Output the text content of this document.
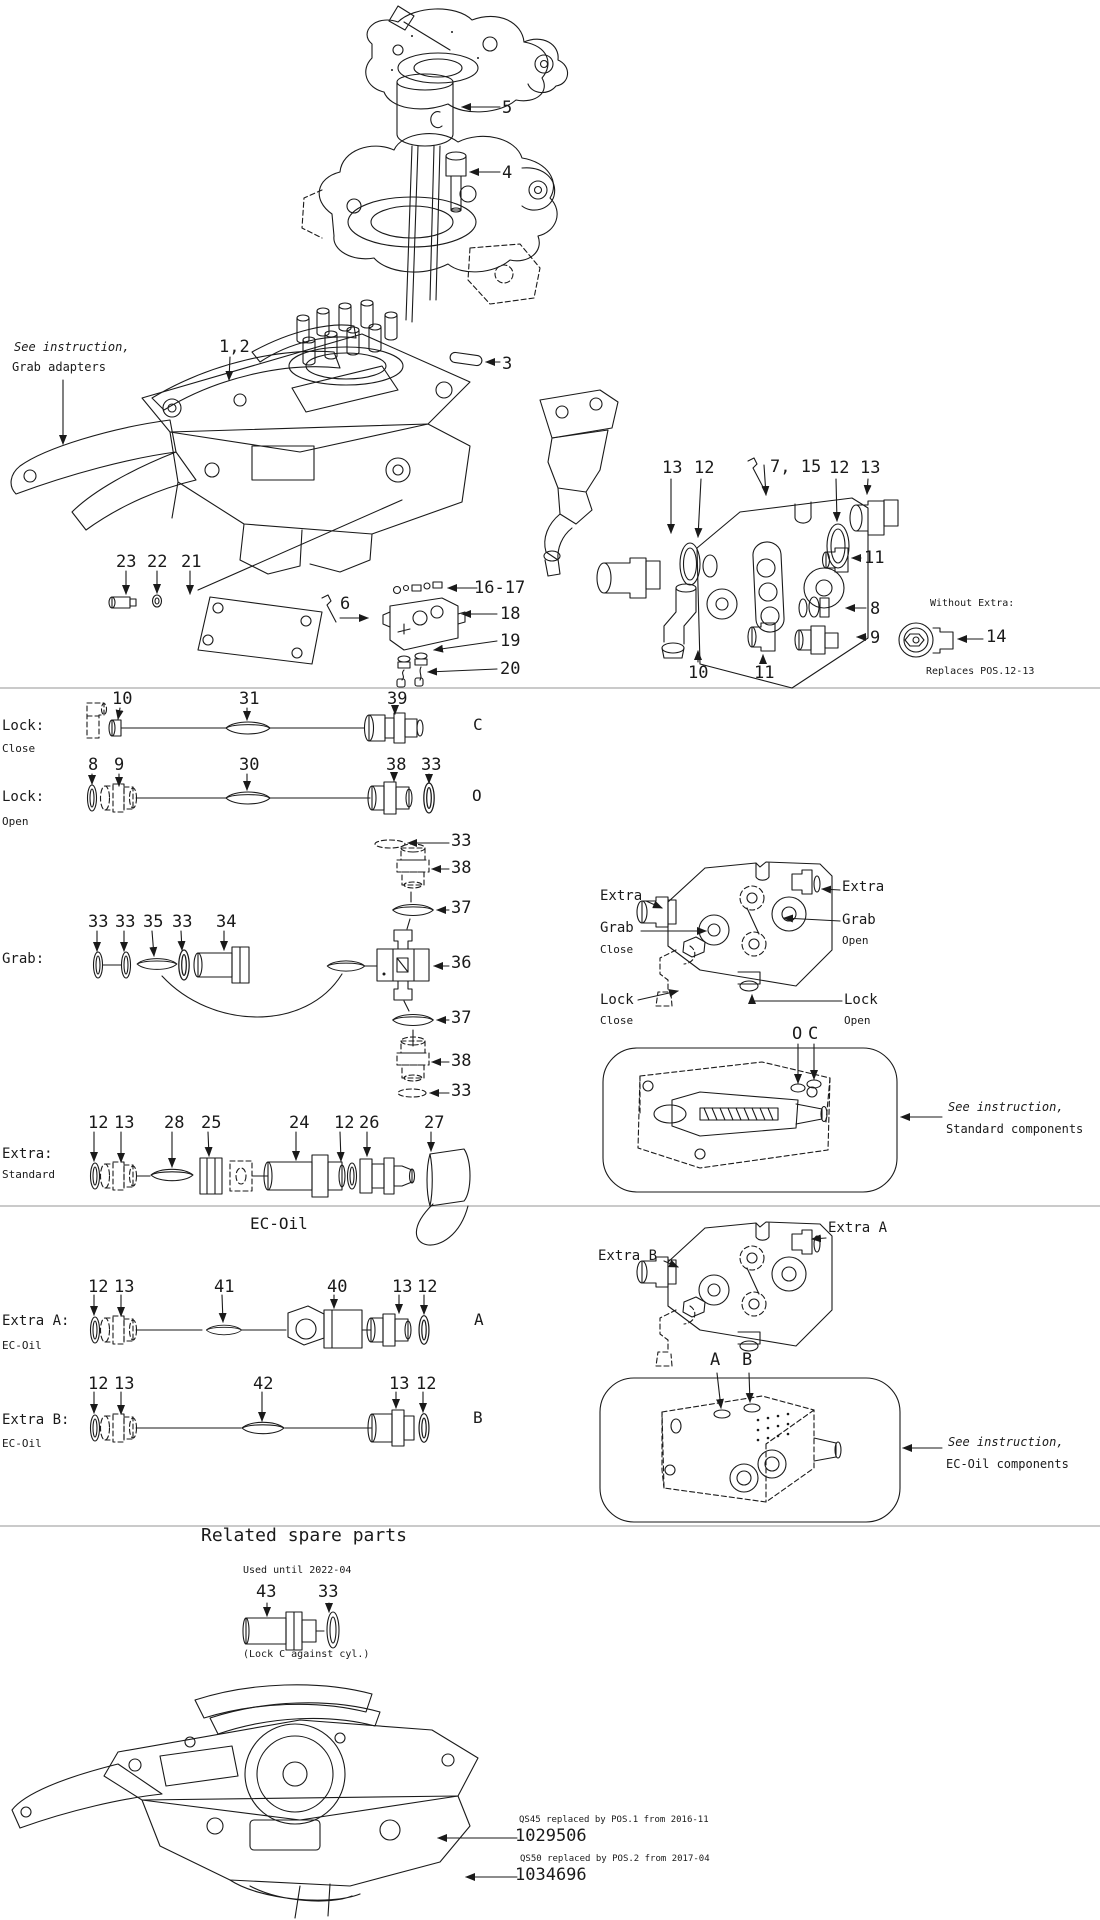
See instruction,
Grab adapters
1,2
5
4
3
23 22 21
16-17
18
6
19
20
13 12	7, 15 12 13
11
8
9
10	11
Without Extra:
14
Replaces POS.12-13
Lock:
Close
10	31	39
C
Lock:
Open
8 9	30	38 33
O
33
38
37
36
37
38
33
Grab:
33 33 35 33 34
Extra:
Standard
12 13 28 25	24 12 26	27
Extra
Extra
Grab
Close
Grab
Open
Lock
Close
Lock
Open
O C
See instruction,
Standard components
EC-Oil
Extra A:
EC-Oil
12 13	41	40	13 12
A
Extra B
Extra A
A B
Extra B:
EC-Oil
12 13	42	13 12
B
See instruction,
EC-Oil components
Related spare parts
Used until 2022-04
43 33
(Lock C against cyl.)
QS45 replaced by POS.1 from 2016-11
1029506
QS50 replaced by POS.2 from 2017-04
1034696
